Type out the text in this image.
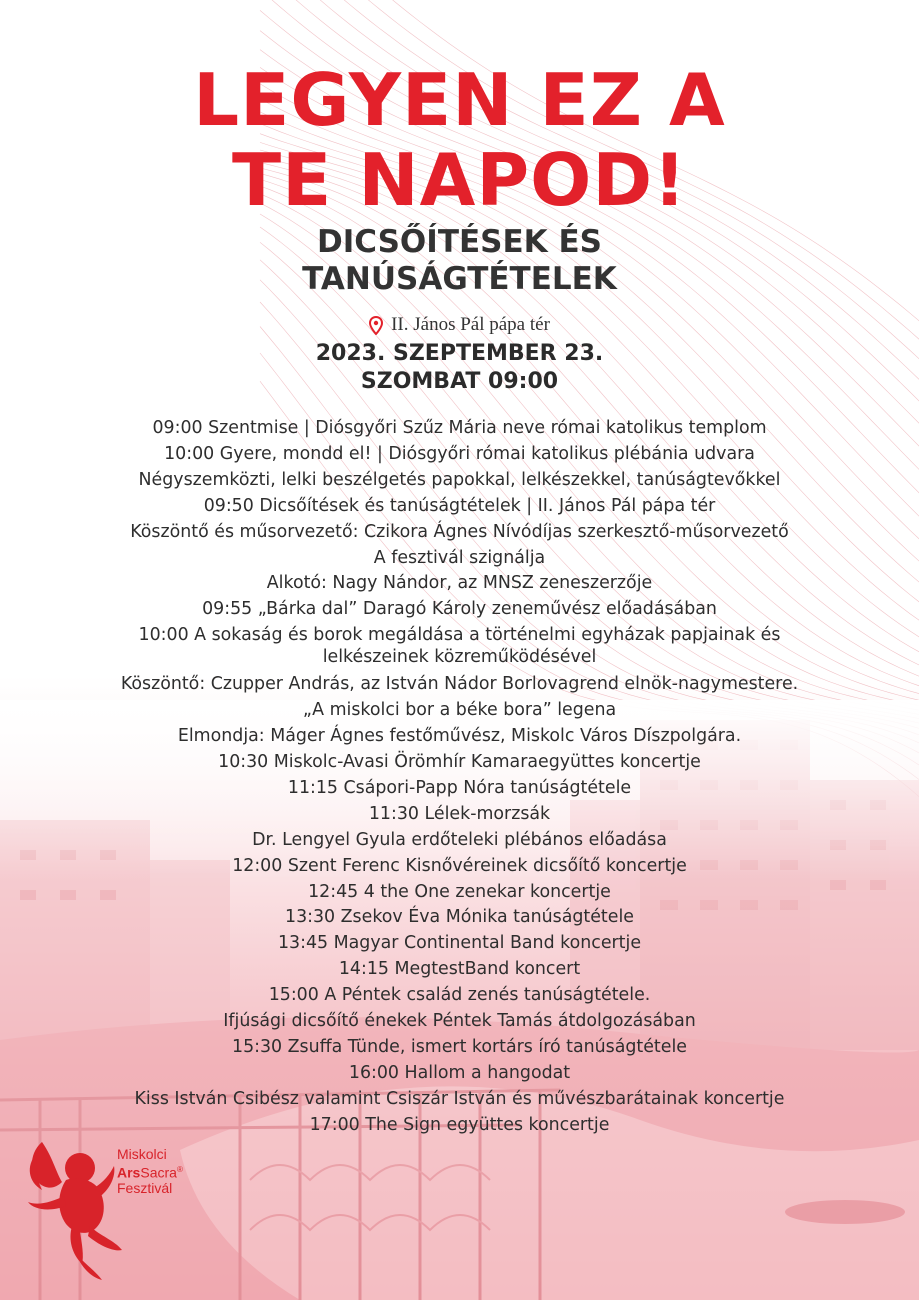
LEGYEN EZ A
TE NAPOD!
DICSŐÍTÉSEK ÉS
TANÚSÁGTÉTELEK
II. János Pál pápa tér
2023. SZEPTEMBER 23.
SZOMBAT 09:00
09:00 Szentmise | Diósgyőri Szűz Mária neve római katolikus templom
10:00 Gyere, mondd el! | Diósgyőri római katolikus plébánia udvara
Négyszemközti, lelki beszélgetés papokkal, lelkészekkel, tanúságtevőkkel
09:50 Dicsőítések és tanúságtételek | II. János Pál pápa tér
Köszöntő és műsorvezető: Czikora Ágnes Nívódíjas szerkesztő-műsorvezető
A fesztivál szignálja
Alkotó: Nagy Nándor, az MNSZ zeneszerzője
09:55 „Bárka dal” Daragó Károly zeneművész előadásában
10:00 A sokaság és borok megáldása a történelmi egyházak papjainak és
lelkészeinek közreműködésével
Köszöntő: Czupper András, az István Nádor Borlovagrend elnök-nagymestere.
„A miskolci bor a béke bora” legena
Elmondja: Máger Ágnes festőművész, Miskolc Város Díszpolgára.
10:30 Miskolc-Avasi Örömhír Kamaraegyüttes koncertje
11:15 Csápori-Papp Nóra tanúságtétele
11:30 Lélek-morzsák
Dr. Lengyel Gyula erdőteleki plébános előadása
12:00 Szent Ferenc Kisnővéreinek dicsőítő koncertje
12:45 4 the One zenekar koncertje
13:30 Zsekov Éva Mónika tanúságtétele
13:45 Magyar Continental Band koncertje
14:15 MegtestBand koncert
15:00 A Péntek család zenés tanúságtétele.
Ifjúsági dicsőítő énekek Péntek Tamás átdolgozásában
15:30 Zsuffa Tünde, ismert kortárs író tanúságtétele
16:00 Hallom a hangodat
Kiss István Csibész valamint Csiszár István és művészbarátainak koncertje
17:00 The Sign együttes koncertje
Miskolci
ArsSacra®
Fesztivál
